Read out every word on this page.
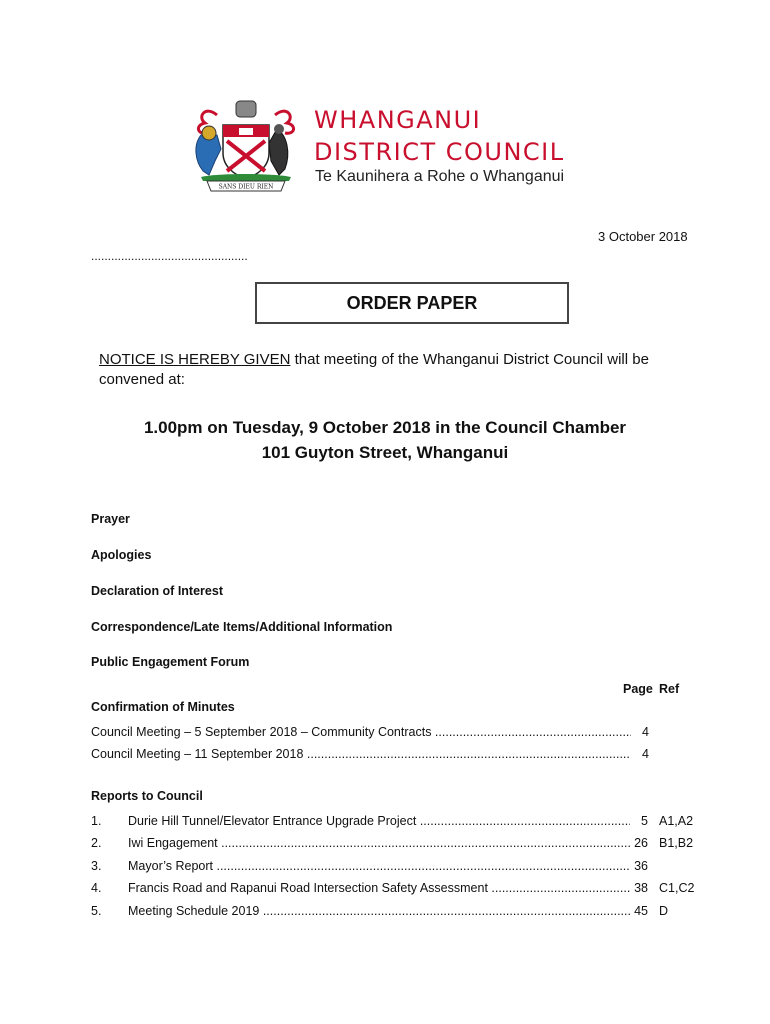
SANS DIEU RIEN
WHANGANUI
DISTRICT COUNCIL
Te Kaunihera a Rohe o Whanganui
3 October 2018
...............................................
ORDER PAPER
NOTICE IS HEREBY GIVEN that meeting of the Whanganui District Council will be convened at:
1.00pm on Tuesday, 9 October 2018 in the Council Chamber
101 Guyton Street, Whanganui
Prayer
Apologies
Declaration of Interest
Correspondence/Late Items/Additional Information
Public Engagement Forum
Page Ref
Confirmation of Minutes
Council Meeting – 5 September 2018 – Community Contracts .....	4
Council Meeting – 11 September 2018 .....	4
Reports to Council
1. Durie Hill Tunnel/Elevator Entrance Upgrade Project .....	5 A1,A2
2. Iwi Engagement .....	26 B1,B2
3. Mayor’s Report .....	36
4. Francis Road and Rapanui Road Intersection Safety Assessment .....	38 C1,C2
5. Meeting Schedule 2019 .....	45 D
